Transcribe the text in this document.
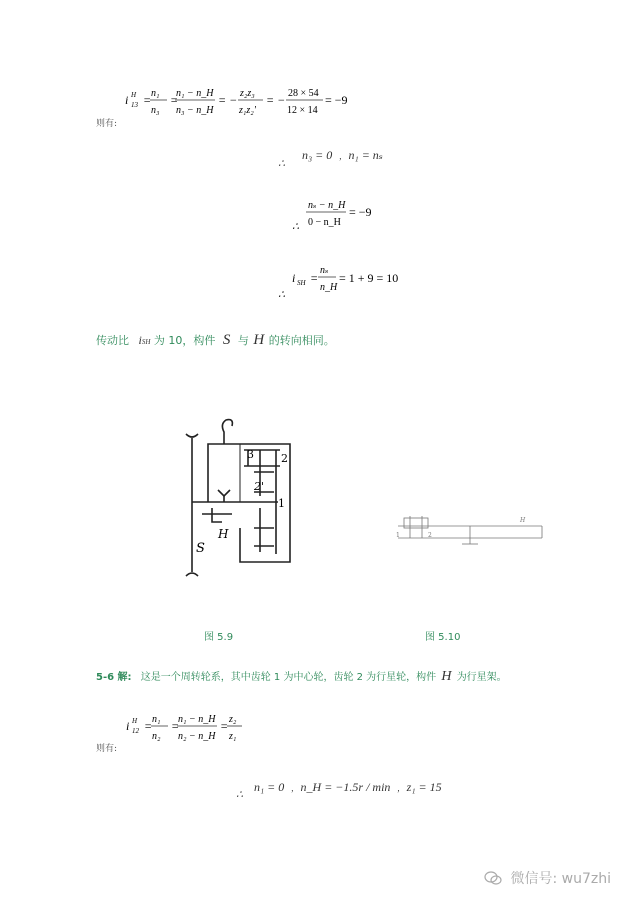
i 13
H = n₁
n₃
=
n₁ − n_H
n₃ − n_H
= − z₂z₃
z₁z₂'
= − 28 × 54
12 × 14
= −9
则有:
∴ n₃ = 0 , n₁ = nₛ
∴
nₛ − n_H
0 − n_H
= −9
∴
i SH =
nₛ
n_H
= 1 + 9 = 10
传动比 iSH 为 10，构件 S 与 H 的转向相同。
3 2
2'
1
H
S
图 5.9
H
1	2
图 5.10
5-6 解: 这是一个周转轮系，其中齿轮 1 为中心轮，齿轮 2 为行星轮，构件 H 为行星架。
i 12
H = n₁
n₂
=
n₁ − n_H
n₂ − n_H
= z₂
z₁
则有:
∴ n₁ = 0 , n_H = −1.5r / min , z₁ = 15
微信号: wu7zhi
